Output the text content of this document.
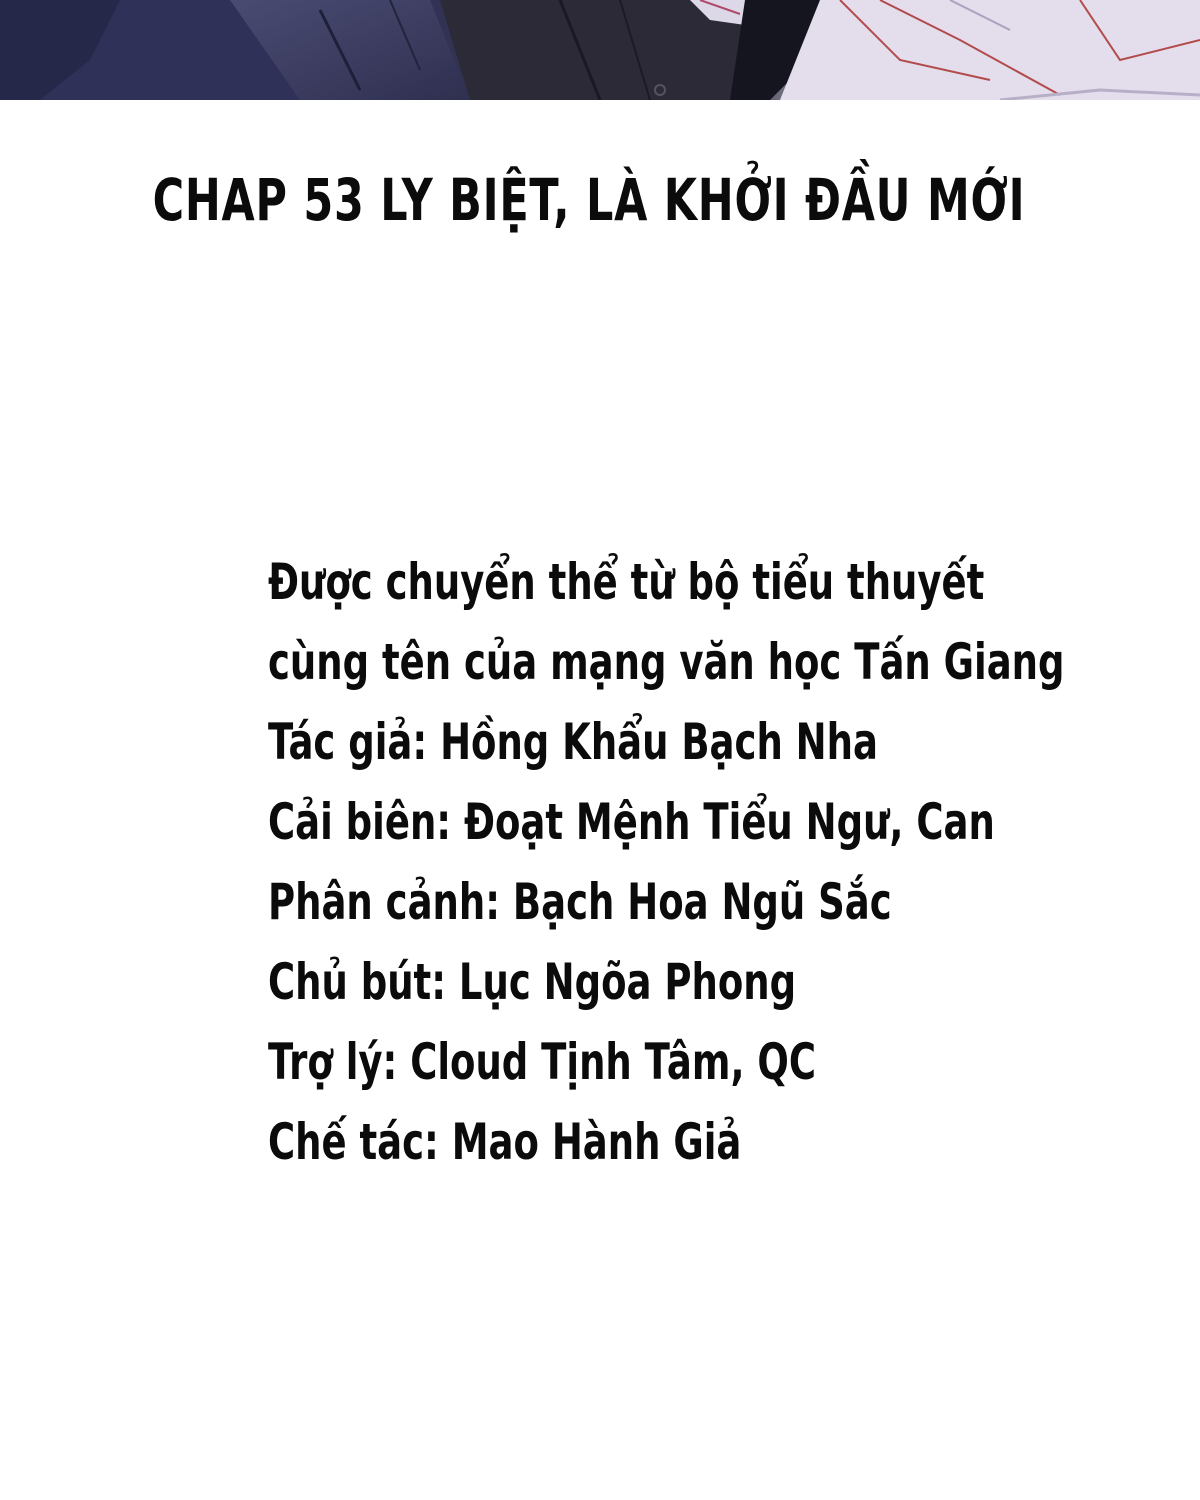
CHAP 53 LY BIỆT, LÀ KHỞI ĐẦU MỚI
Được chuyển thể từ bộ tiểu thuyết
cùng tên của mạng văn học Tấn Giang
Tác giả: Hồng Khẩu Bạch Nha
Cải biên: Đoạt Mệnh Tiểu Ngư, Can
Phân cảnh: Bạch Hoa Ngũ Sắc
Chủ bút: Lục Ngõa Phong
Trợ lý: Cloud Tịnh Tâm, QC
Chế tác: Mao Hành Giả
